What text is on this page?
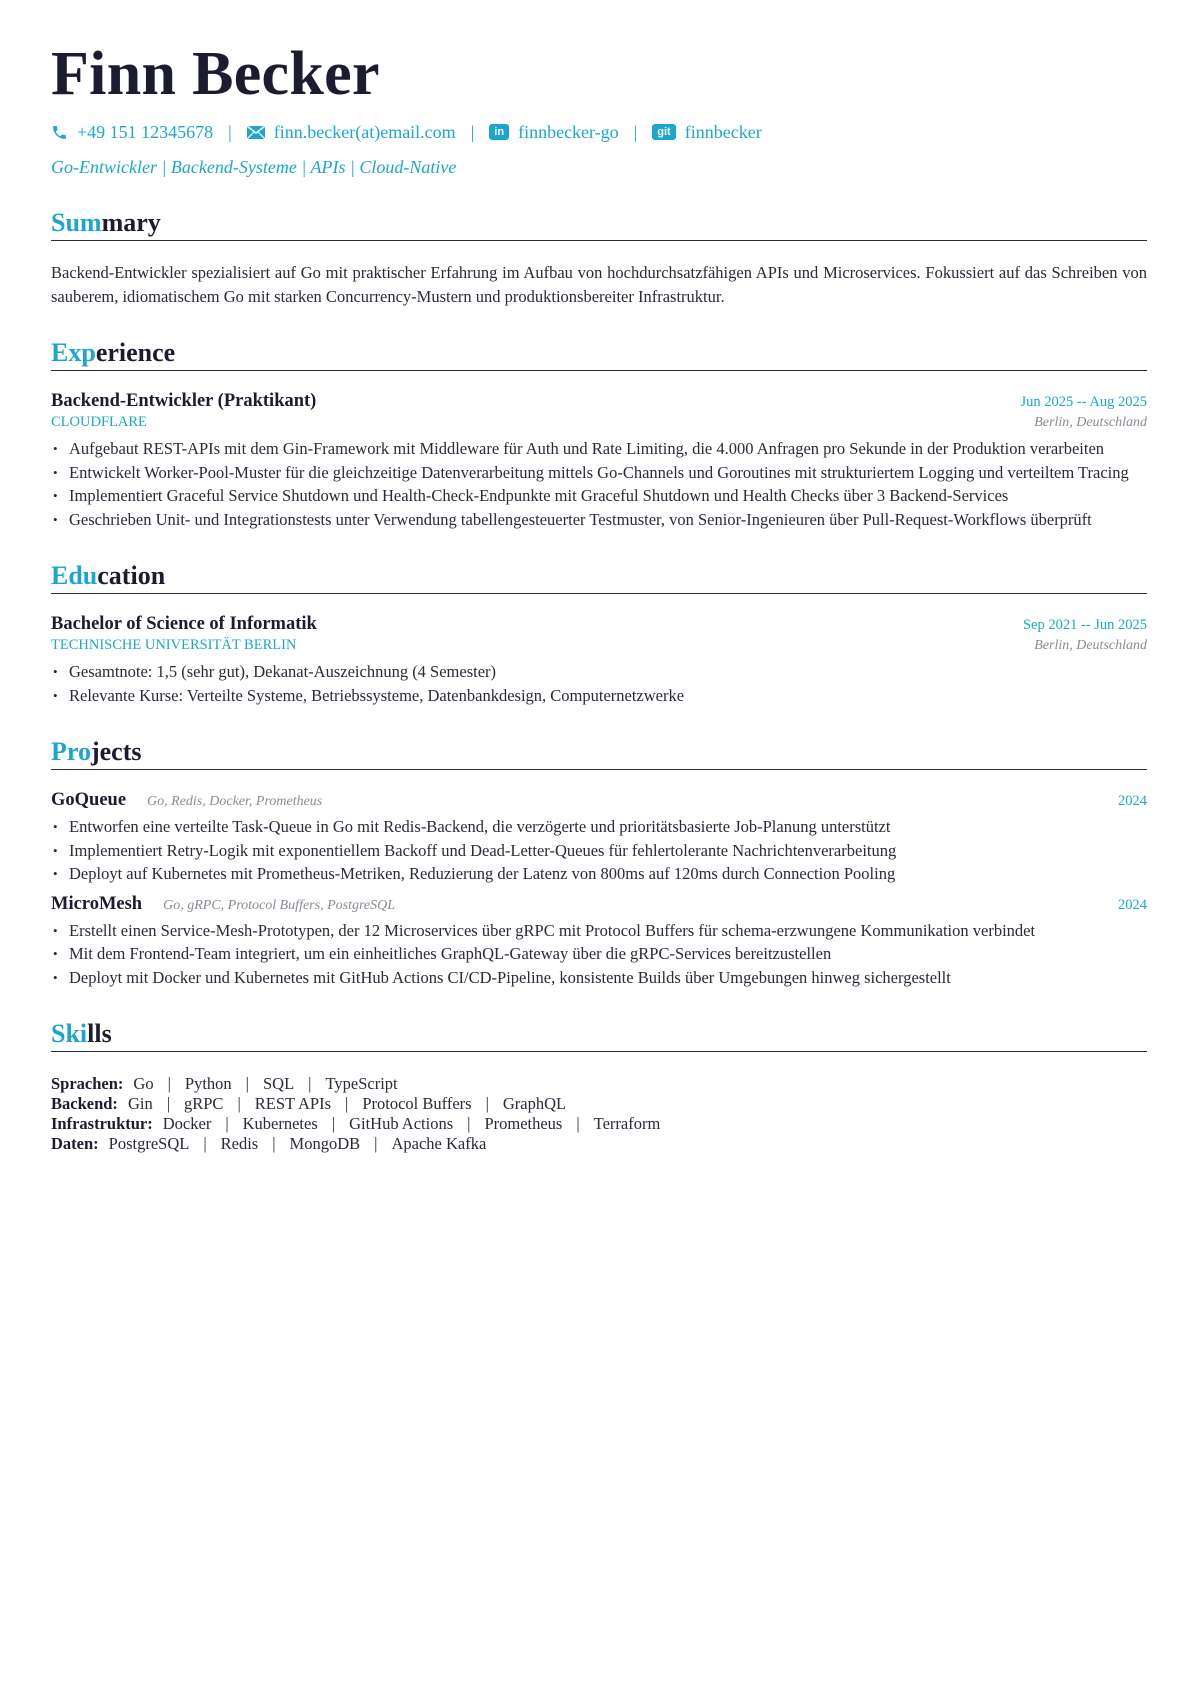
Finn Becker
+49 151 12345678 | finn.becker(at)email.com |	in finnbecker-go |	git finnbecker
Go-Entwickler | Backend-Systeme | APIs | Cloud-Native
Summary
Backend-Entwickler spezialisiert auf Go mit praktischer Erfahrung im Aufbau von hochdurchsatzfähigen APIs und Microservices. Fokussiert auf das Schreiben von sauberem, idiomatischem Go mit starken Concurrency-Mustern und produktionsbereiter Infrastruktur.
Experience
Backend-Entwickler (Praktikant)	Jun 2025 -- Aug 2025
CLOUDFLARE	Berlin, Deutschland
• Aufgebaut REST-APIs mit dem Gin-Framework mit Middleware für Auth und Rate Limiting, die 4.000 Anfragen pro Sekunde in der Produktion verarbeiten
• Entwickelt Worker-Pool-Muster für die gleichzeitige Datenverarbeitung mittels Go-Channels und Goroutines mit strukturiertem Logging und verteiltem Tracing
• Implementiert Graceful Service Shutdown und Health-Check-Endpunkte mit Graceful Shutdown und Health Checks über 3 Backend-Services
• Geschrieben Unit- und Integrationstests unter Verwendung tabellengesteuerter Testmuster, von Senior-Ingenieuren über Pull-Request-Workflows überprüft
Education
Bachelor of Science of Informatik	Sep 2021 -- Jun 2025
TECHNISCHE UNIVERSITÄT BERLIN	Berlin, Deutschland
• Gesamtnote: 1,5 (sehr gut), Dekanat-Auszeichnung (4 Semester)
• Relevante Kurse: Verteilte Systeme, Betriebssysteme, Datenbankdesign, Computernetzwerke
Projects
GoQueue Go, Redis, Docker, Prometheus	2024
• Entworfen eine verteilte Task-Queue in Go mit Redis-Backend, die verzögerte und prioritätsbasierte Job-Planung unterstützt
• Implementiert Retry-Logik mit exponentiellem Backoff und Dead-Letter-Queues für fehlertolerante Nachrichtenverarbeitung
• Deployt auf Kubernetes mit Prometheus-Metriken, Reduzierung der Latenz von 800ms auf 120ms durch Connection Pooling
MicroMesh Go, gRPC, Protocol Buffers, PostgreSQL	2024
• Erstellt einen Service-Mesh-Prototypen, der 12 Microservices über gRPC mit Protocol Buffers für schema-erzwungene Kommunikation verbindet
• Mit dem Frontend-Team integriert, um ein einheitliches GraphQL-Gateway über die gRPC-Services bereitzustellen
• Deployt mit Docker und Kubernetes mit GitHub Actions CI/CD-Pipeline, konsistente Builds über Umgebungen hinweg sichergestellt
Skills
Sprachen: Go | Python | SQL | TypeScript
Backend: Gin | gRPC | REST APIs | Protocol Buffers | GraphQL
Infrastruktur: Docker | Kubernetes | GitHub Actions | Prometheus | Terraform
Daten: PostgreSQL | Redis | MongoDB | Apache Kafka
